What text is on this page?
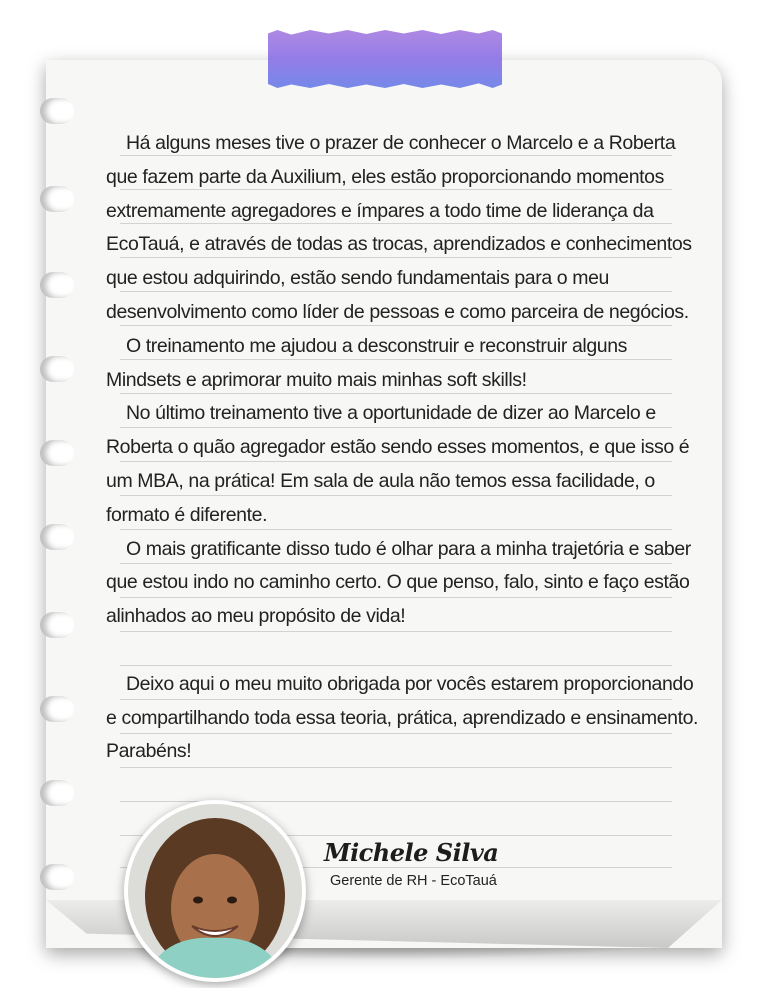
Há alguns meses tive o prazer de conhecer o Marcelo e a Roberta que fazem parte da Auxilium, eles estão proporcionando momentos extremamente agregadores e ímpares a todo time de liderança da EcoTauá, e através de todas as trocas, aprendizados e conhecimentos que estou adquirindo, estão sendo fundamentais para o meu desenvolvimento como líder de pessoas e como parceira de negócios.

O treinamento me ajudou a desconstruir e reconstruir alguns Mindsets e aprimorar muito mais minhas soft skills!

No último treinamento tive a oportunidade de dizer ao Marcelo e Roberta o quão agregador estão sendo esses momentos, e que isso é um MBA, na prática! Em sala de aula não temos essa facilidade, o formato é diferente.

O mais gratificante disso tudo é olhar para a minha trajetória e saber que estou indo no caminho certo. O que penso, falo, sinto e faço estão alinhados ao meu propósito de vida!

Deixo aqui o meu muito obrigada por vocês estarem proporcionando e compartilhando toda essa teoria, prática, aprendizado e ensinamento. Parabéns!

Michele Silva
Gerente de RH - EcoTauá
